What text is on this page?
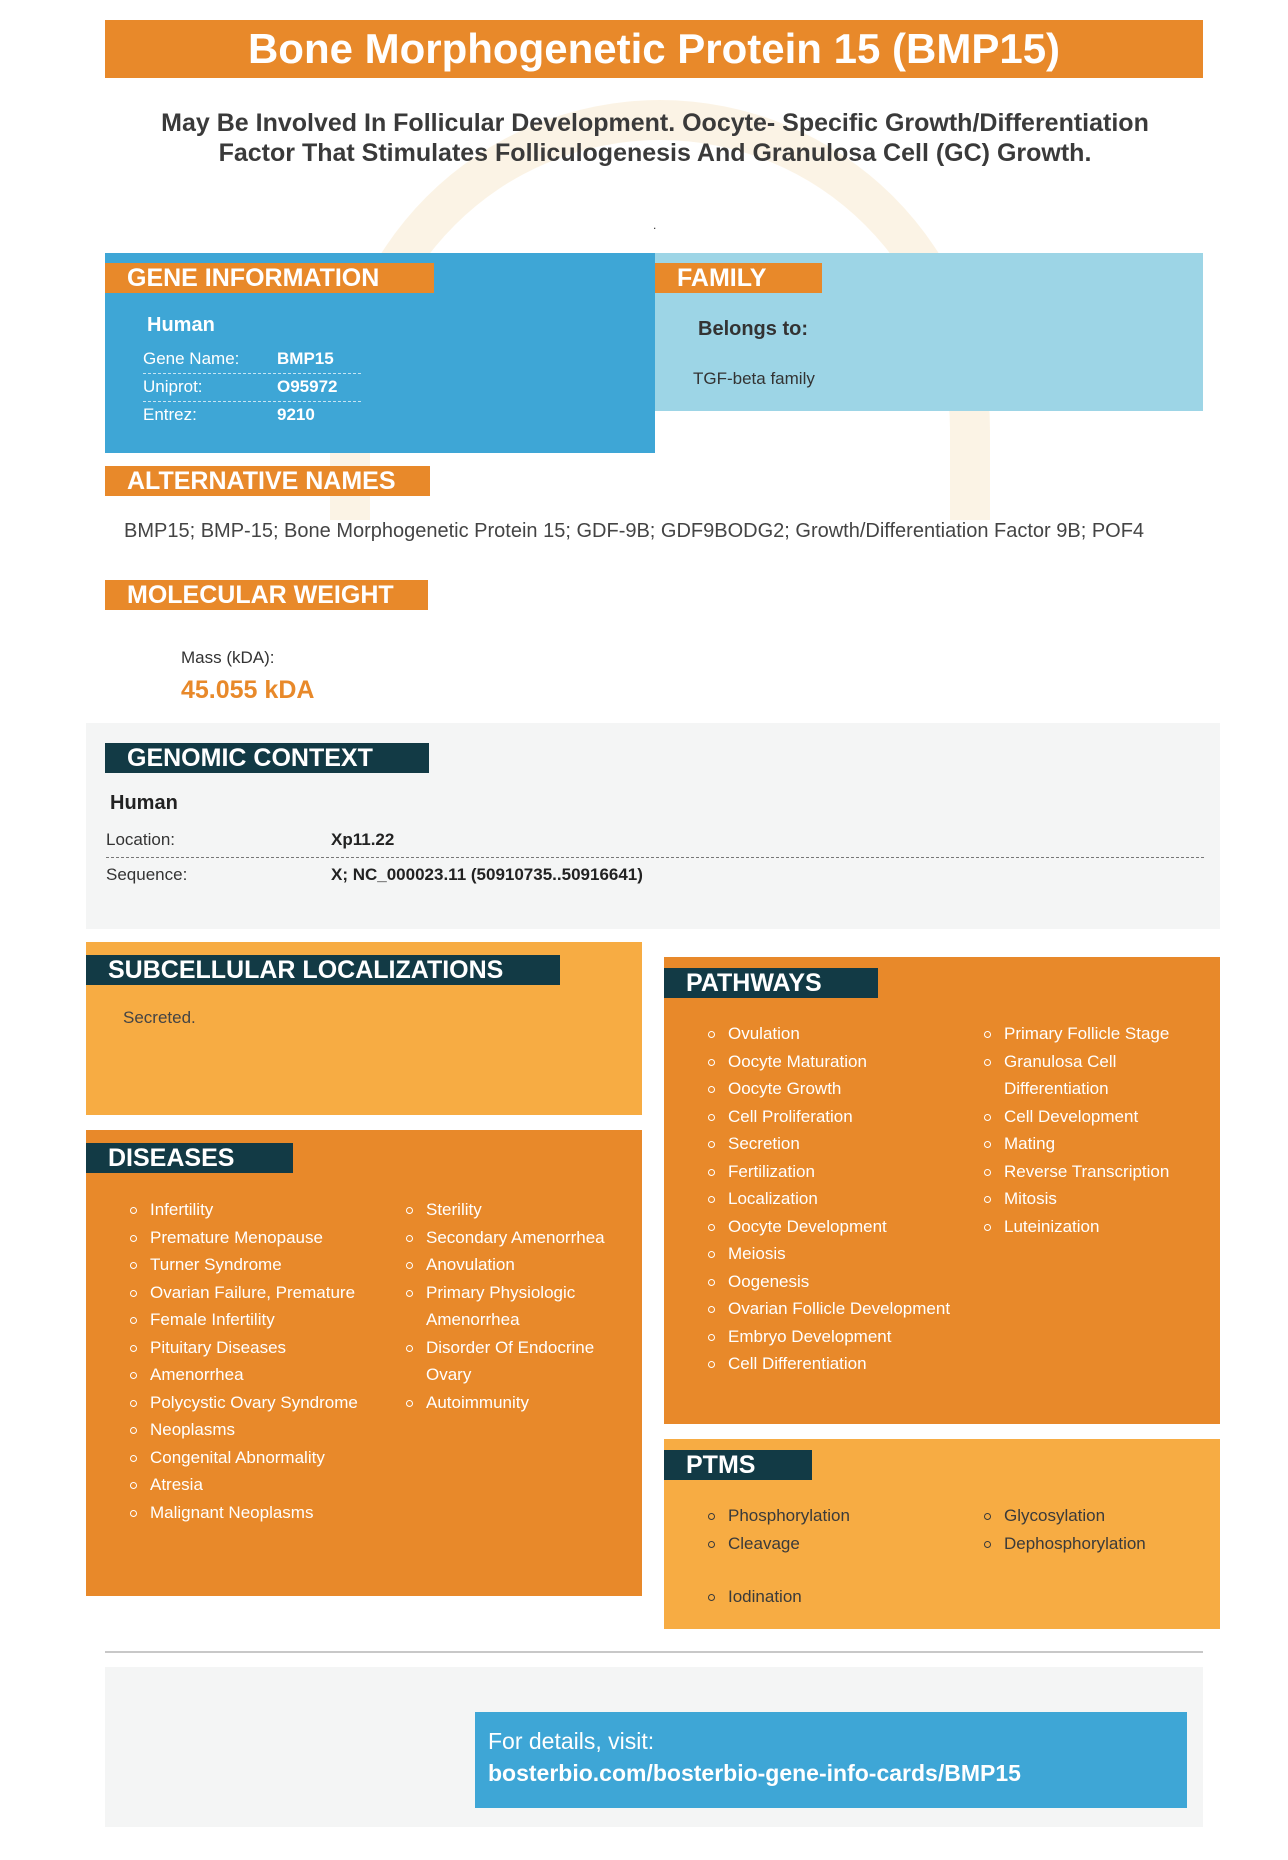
Bone Morphogenetic Protein 15 (BMP15)
May Be Involved In Follicular Development. Oocyte- Specific Growth/Differentiation
Factor That Stimulates Folliculogenesis And Granulosa Cell (GC) Growth.
.
GENE INFORMATION
Human
Gene Name: BMP15
Uniprot:	O95972
Entrez:	9210
FAMILY
Belongs to:
TGF-beta family
ALTERNATIVE NAMES
BMP15; BMP-15; Bone Morphogenetic Protein 15; GDF-9B; GDF9BODG2; Growth/Differentiation Factor 9B; POF4
MOLECULAR WEIGHT
Mass (kDA):
45.055 kDA
GENOMIC CONTEXT
Human
Location:	Xp11.22
Sequence:	X; NC_000023.11 (50910735..50916641)
SUBCELLULAR LOCALIZATIONS
Secreted.
DISEASES
Infertility
Premature Menopause
Turner Syndrome
Ovarian Failure, Premature
Female Infertility
Pituitary Diseases
Amenorrhea
Polycystic Ovary Syndrome
Neoplasms
Congenital Abnormality
Atresia
Malignant Neoplasms
Sterility
Secondary Amenorrhea
Anovulation
Primary Physiologic Amenorrhea
Disorder Of Endocrine Ovary
Autoimmunity
PATHWAYS
Ovulation
Oocyte Maturation
Oocyte Growth
Cell Proliferation
Secretion
Fertilization
Localization
Oocyte Development
Meiosis
Oogenesis
Ovarian Follicle Development
Embryo Development
Cell Differentiation
Primary Follicle Stage
Granulosa Cell Differentiation
Cell Development
Mating
Reverse Transcription
Mitosis
Luteinization
PTMS
Phosphorylation
Cleavage
Glycosylation
Dephosphorylation
Iodination
For details, visit:
bosterbio.com/bosterbio-gene-info-cards/BMP15
